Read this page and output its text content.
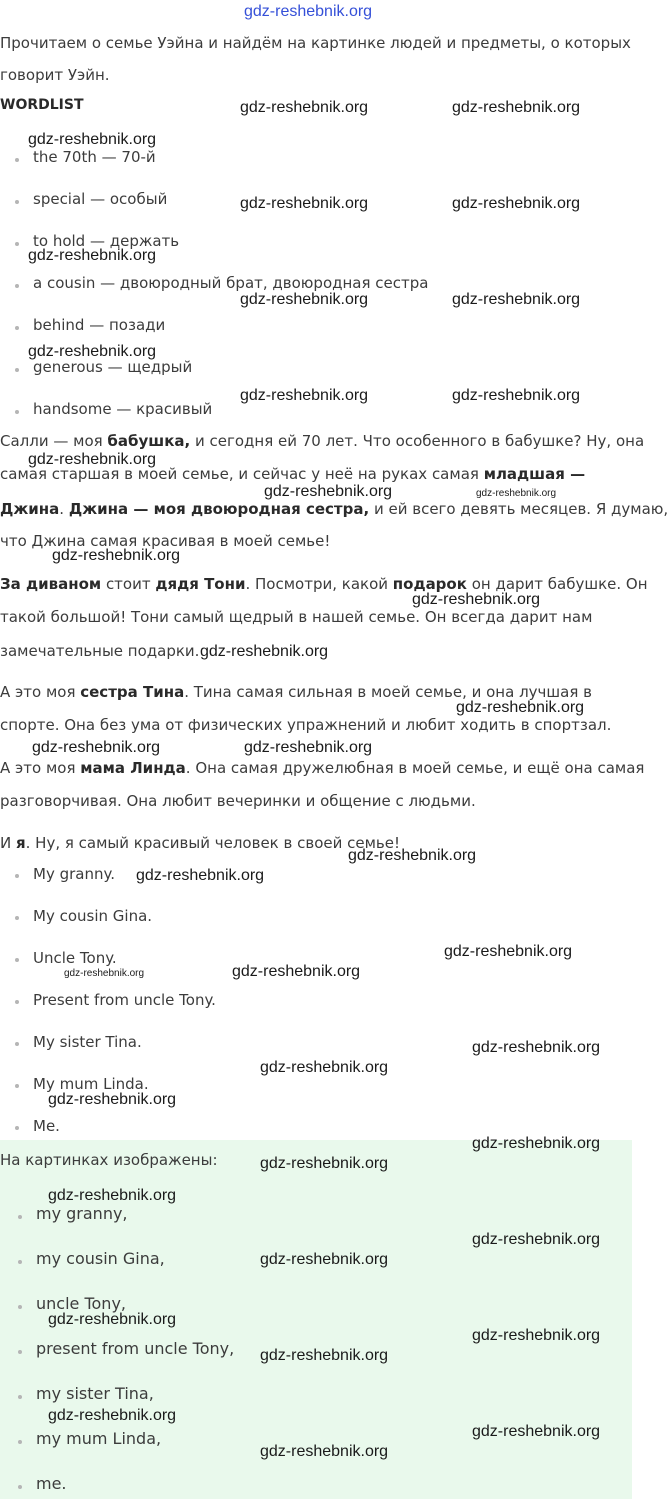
gdz-reshebnik.org
Прочитаем о семье Уэйна и найдём на картинке людей и предметы, о которых
говорит Уэйн.
WORDLIST
the 70th — 70-й
special — особый
to hold — держать
a cousin — двоюродный брат, двоюродная сестра
behind — позади
generous — щедрый
handsome — красивый
Салли — моя бабушка, и сегодня ей 70 лет. Что особенного в бабушке? Ну, она
самая старшая в моей семье, и сейчас у неё на руках самая младшая —
Джина. Джина — моя двоюродная сестра, и ей всего девять месяцев. Я думаю,
что Джина самая красивая в моей семье!
За диваном стоит дядя Тони. Посмотри, какой подарок он дарит бабушке. Он
такой большой! Тони самый щедрый в нашей семье. Он всегда дарит нам
замечательные подарки.
А это моя сестра Тина. Тина самая сильная в моей семье, и она лучшая в
спорте. Она без ума от физических упражнений и любит ходить в спортзал.
А это моя мама Линда. Она самая дружелюбная в моей семье, и ещё она самая
разговорчивая. Она любит вечеринки и общение с людьми.
И я. Ну, я самый красивый человек в своей семье!
My granny.
My cousin Gina.
Uncle Tony.
Present from uncle Tony.
My sister Tina.
My mum Linda.
Me.
На картинках изображены:
my granny,
my cousin Gina,
uncle Tony,
present from uncle Tony,
my sister Tina,
my mum Linda,
me.
gdz-reshebnik.org	gdz-reshebnik.org
gdz-reshebnik.org
gdz-reshebnik.org	gdz-reshebnik.org
gdz-reshebnik.org
gdz-reshebnik.org	gdz-reshebnik.org
gdz-reshebnik.org
gdz-reshebnik.org	gdz-reshebnik.org
gdz-reshebnik.org
gdz-reshebnik.org	gdz-reshebnik.org
gdz-reshebnik.org
gdz-reshebnik.org
gdz-reshebnik.org
gdz-reshebnik.org
gdz-reshebnik.org	gdz-reshebnik.org
gdz-reshebnik.org
gdz-reshebnik.org
gdz-reshebnik.org
gdz-reshebnik.org	gdz-reshebnik.org
gdz-reshebnik.org
gdz-reshebnik.org
gdz-reshebnik.org
gdz-reshebnik.org
gdz-reshebnik.org
gdz-reshebnik.org
gdz-reshebnik.org
gdz-reshebnik.org
gdz-reshebnik.org
gdz-reshebnik.org
gdz-reshebnik.org
gdz-reshebnik.org
gdz-reshebnik.org
gdz-reshebnik.org
